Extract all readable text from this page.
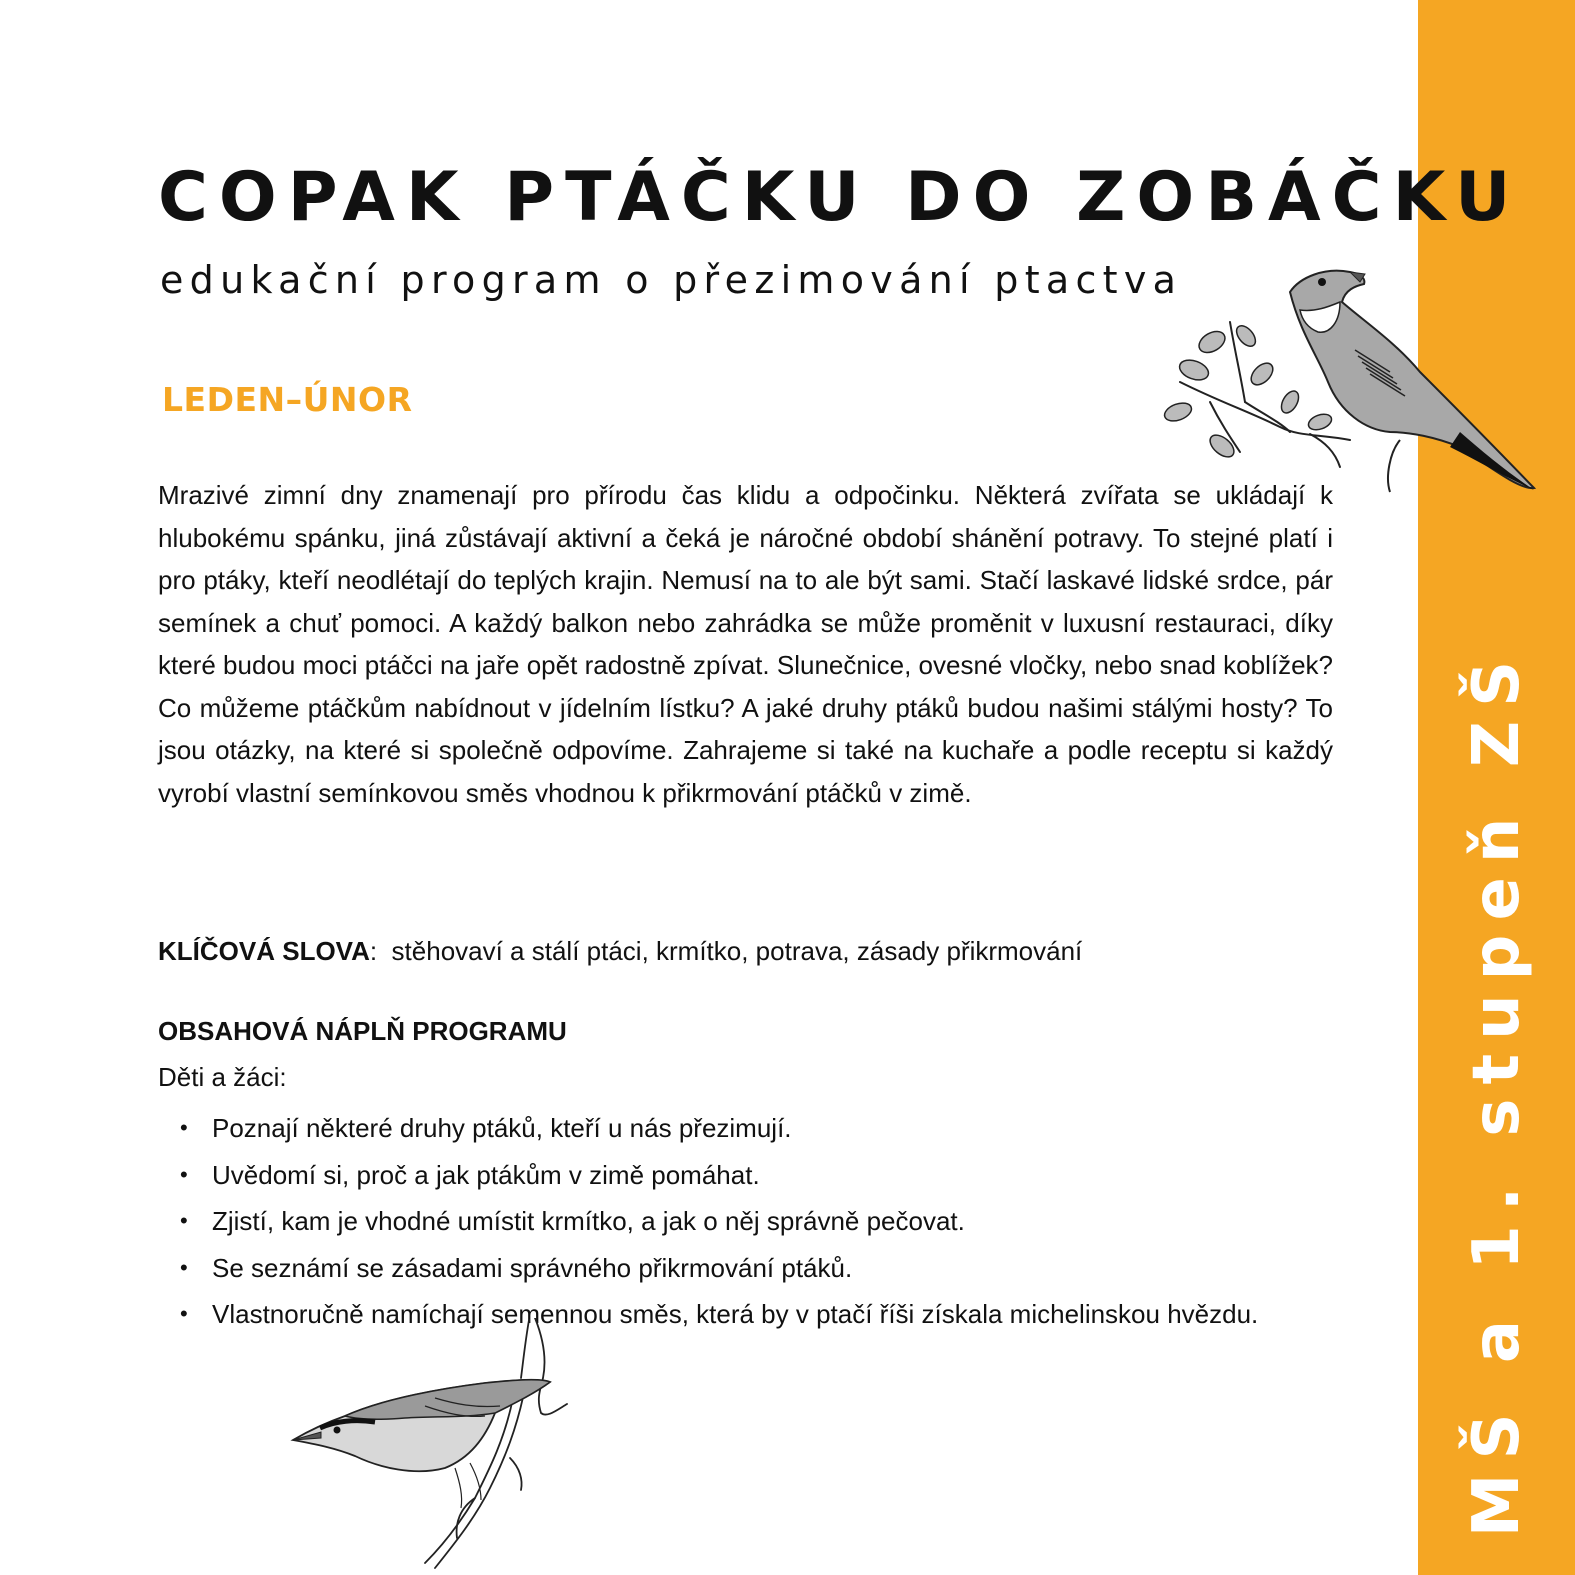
MŠ a 1. stupeň ZŠ
COPAK PTÁČKU DO ZOBÁČKU

edukační program o přezimování ptactva

LEDEN–ÚNOR

Mrazivé zimní dny znamenají pro přírodu čas klidu a odpočinku. Některá zvířata se ukládají k hlubokému spánku, jiná zůstávají aktivní a čeká je náročné období shánění potravy. To stejné platí i pro ptáky, kteří neodlétají do teplých krajin. Nemusí na to ale být sami. Stačí laskavé lidské srdce, pár semínek a chuť pomoci. A každý balkon nebo zahrádka se může proměnit v luxusní restauraci, díky které budou moci ptáčci na jaře opět radostně zpívat. Slunečnice, ovesné vločky, nebo snad koblížek? Co můžeme ptáčkům nabídnout v jídelním lístku? A jaké druhy ptáků budou našimi stálými hosty? To jsou otázky, na které si společně odpovíme. Zahrajeme si také na kuchaře a podle receptu si každý vyrobí vlastní semínkovou směs vhodnou k přikrmování ptáčků v zimě.

KLÍČOVÁ SLOVA: stěhovaví a stálí ptáci, krmítko, potrava, zásady přikrmování

OBSAHOVÁ NÁPLŇ PROGRAMU

Děti a žáci:

• Poznají některé druhy ptáků, kteří u nás přezimují.
• Uvědomí si, proč a jak ptákům v zimě pomáhat.
• Zjistí, kam je vhodné umístit krmítko, a jak o něj správně pečovat.
• Se seznámí se zásadami správného přikrmování ptáků.
• Vlastnoručně namíchají semennou směs, která by v ptačí říši získala michelinskou hvězdu.
